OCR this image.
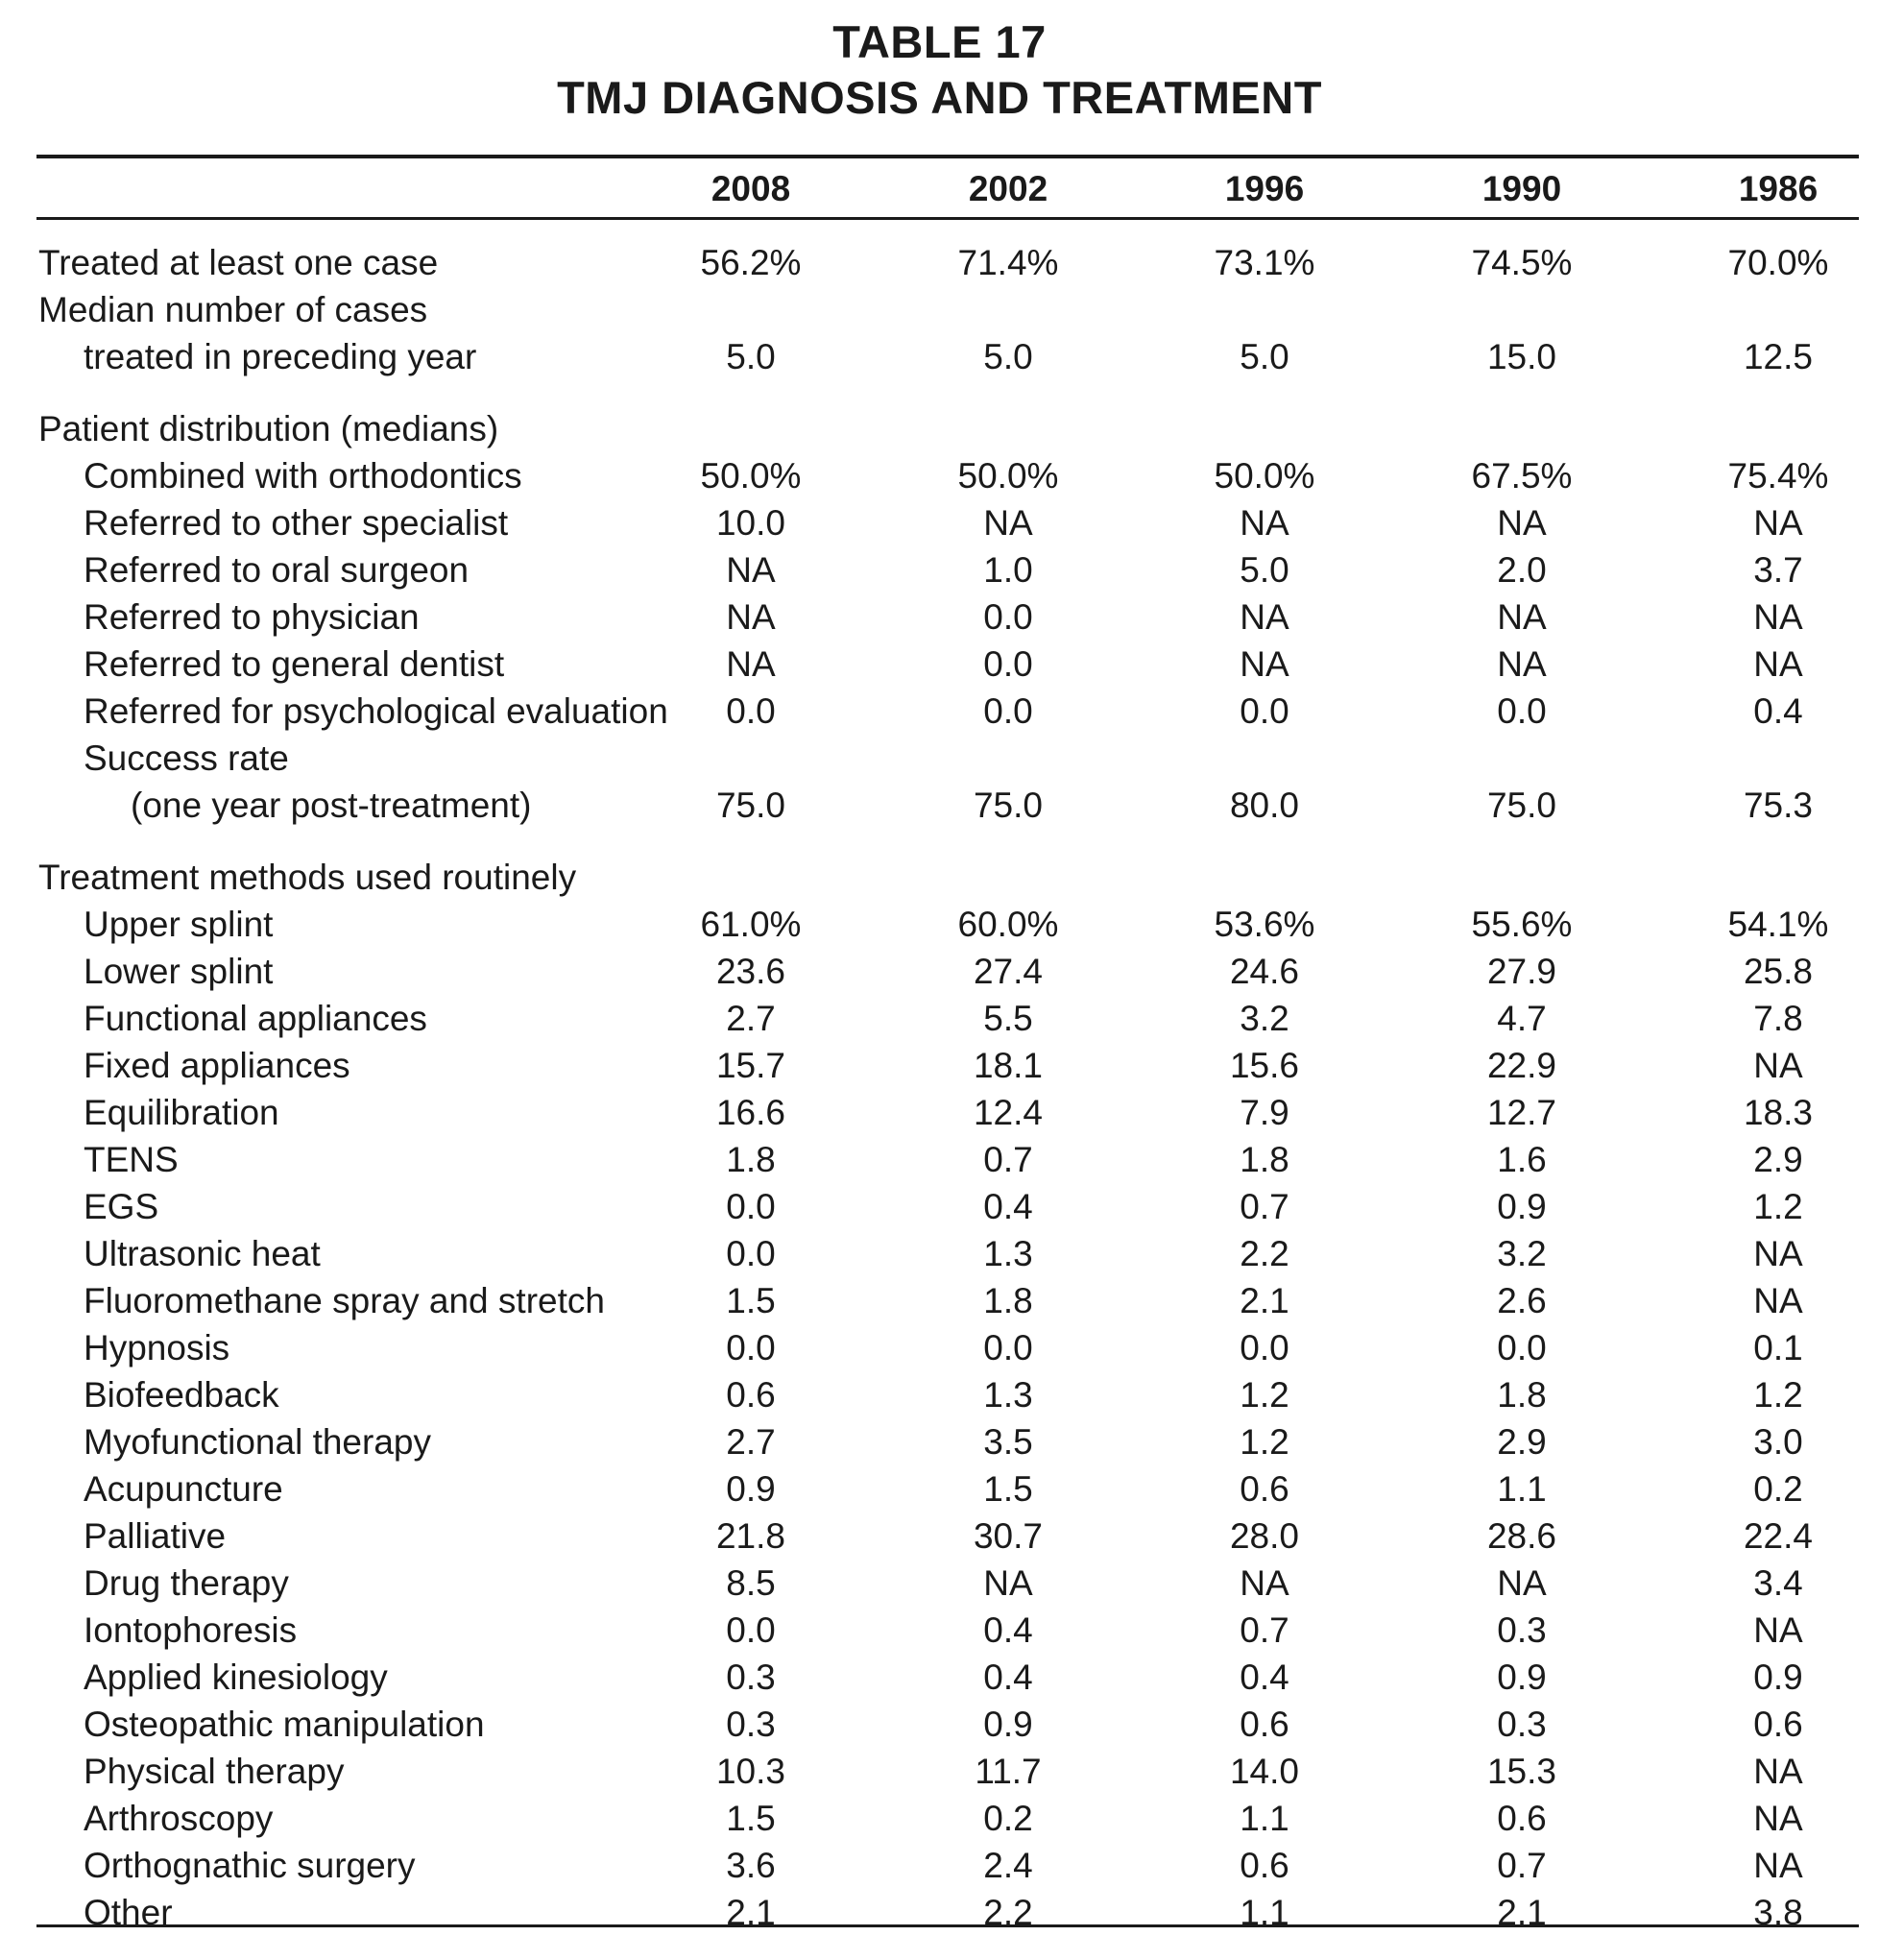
TABLE 17
TMJ DIAGNOSIS AND TREATMENT
2008	2002	1996	1990	1986
Treated at least one case	56.2%	71.4%	73.1%	74.5%	70.0%
Median number of cases
treated in preceding year	5.0	5.0	5.0	15.0	12.5
Patient distribution (medians)
Combined with orthodontics	50.0%	50.0%	50.0%	67.5%	75.4%
Referred to other specialist	10.0	NA	NA	NA	NA
Referred to oral surgeon	NA	1.0	5.0	2.0	3.7
Referred to physician	NA	0.0	NA	NA	NA
Referred to general dentist	NA	0.0	NA	NA	NA
Referred for psychological evaluation	0.0	0.0	0.0	0.0	0.4
Success rate
(one year post-treatment)	75.0	75.0	80.0	75.0	75.3
Treatment methods used routinely
Upper splint	61.0%	60.0%	53.6%	55.6%	54.1%
Lower splint	23.6	27.4	24.6	27.9	25.8
Functional appliances	2.7	5.5	3.2	4.7	7.8
Fixed appliances	15.7	18.1	15.6	22.9	NA
Equilibration	16.6	12.4	7.9	12.7	18.3
TENS	1.8	0.7	1.8	1.6	2.9
EGS	0.0	0.4	0.7	0.9	1.2
Ultrasonic heat	0.0	1.3	2.2	3.2	NA
Fluoromethane spray and stretch	1.5	1.8	2.1	2.6	NA
Hypnosis	0.0	0.0	0.0	0.0	0.1
Biofeedback	0.6	1.3	1.2	1.8	1.2
Myofunctional therapy	2.7	3.5	1.2	2.9	3.0
Acupuncture	0.9	1.5	0.6	1.1	0.2
Palliative	21.8	30.7	28.0	28.6	22.4
Drug therapy	8.5	NA	NA	NA	3.4
Iontophoresis	0.0	0.4	0.7	0.3	NA
Applied kinesiology	0.3	0.4	0.4	0.9	0.9
Osteopathic manipulation	0.3	0.9	0.6	0.3	0.6
Physical therapy	10.3	11.7	14.0	15.3	NA
Arthroscopy	1.5	0.2	1.1	0.6	NA
Orthognathic surgery	3.6	2.4	0.6	0.7	NA
Other	2.1	2.2	1.1	2.1	3.8
